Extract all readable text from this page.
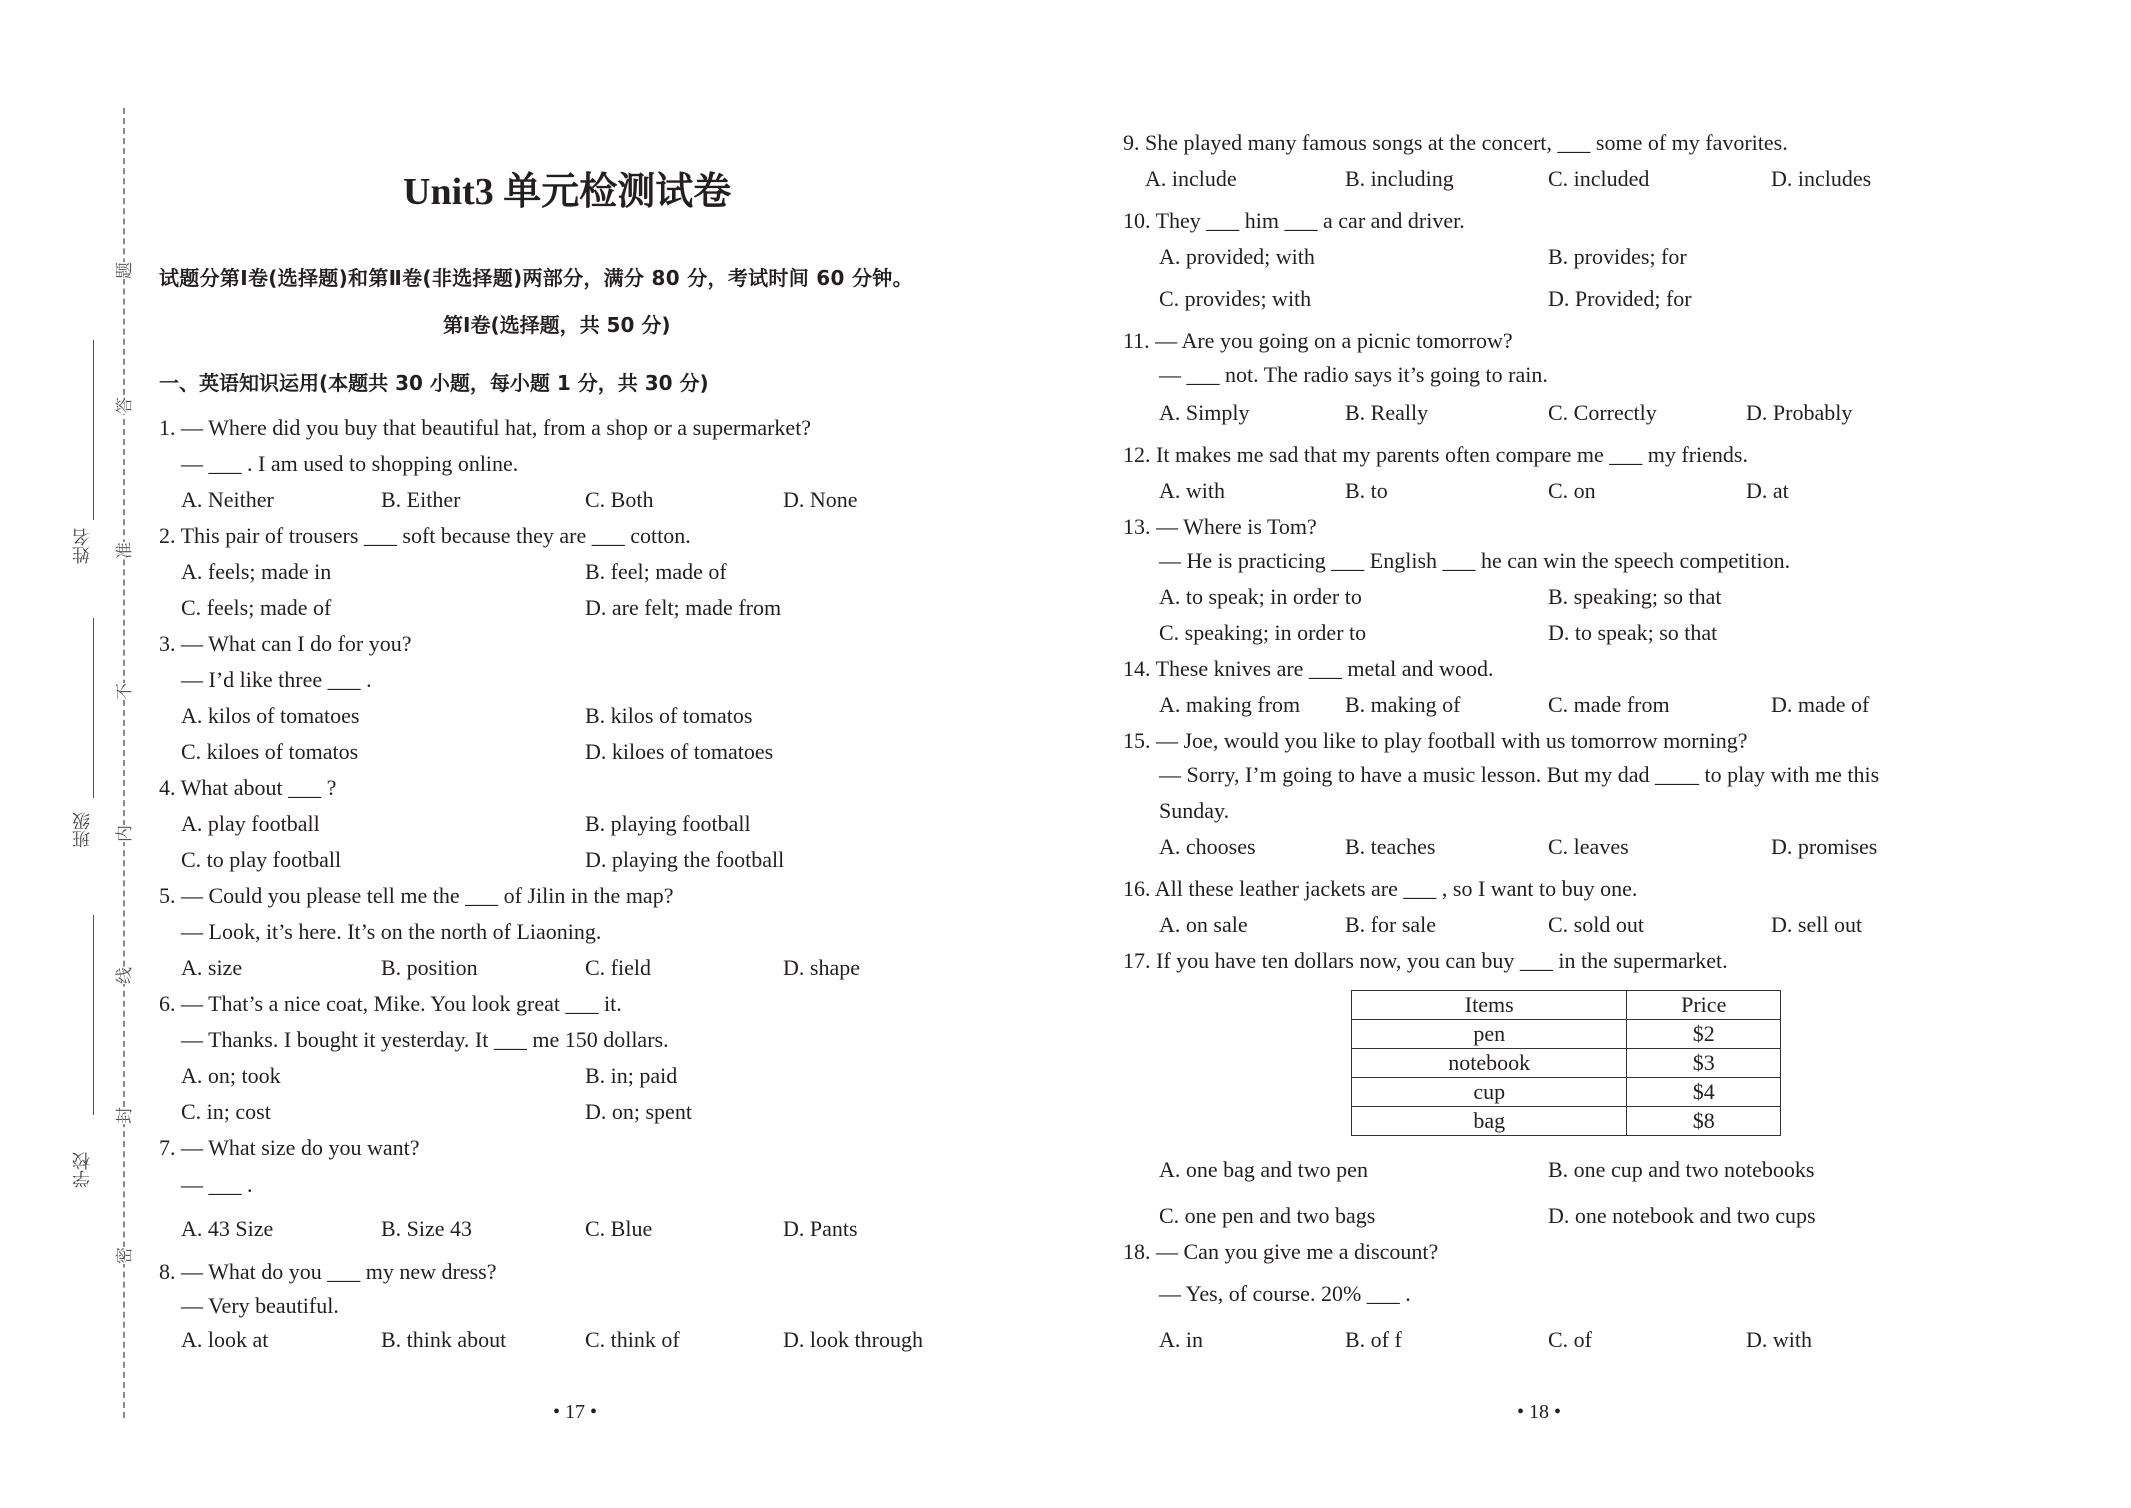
姓名
班级
学校
题
答
准
不
内
线
封
密
Unit3 单元检测试卷
试题分第Ⅰ卷(选择题)和第Ⅱ卷(非选择题)两部分，满分 80 分，考试时间 60 分钟。
第Ⅰ卷(选择题，共 50 分)
一、英语知识运用(本题共 30 小题，每小题 1 分，共 30 分)
1. — Where did you buy that beautiful hat, from a shop or a supermarket?
— ___ . I am used to shopping online.
A. Neither	B. Either	C. Both	D. None
2. This pair of trousers ___ soft because they are ___ cotton.
A. feels; made in	B. feel; made of
C. feels; made of	D. are felt; made from
3. — What can I do for you?
— I’d like three ___ .
A. kilos of tomatoes	B. kilos of tomatos
C. kiloes of tomatos	D. kiloes of tomatoes
4. What about ___ ?
A. play football	B. playing football
C. to play football	D. playing the football
5. — Could you please tell me the ___ of Jilin in the map?
— Look, it’s here. It’s on the north of Liaoning.
A. size	B. position	C. field	D. shape
6. — That’s a nice coat, Mike. You look great ___ it.
— Thanks. I bought it yesterday. It ___ me 150 dollars.
A. on; took	B. in; paid
C. in; cost	D. on; spent
7. — What size do you want?
— ___ .
A. 43 Size	B. Size 43	C. Blue	D. Pants
8. — What do you ___ my new dress?
— Very beautiful.
A. look at	B. think about	C. think of	D. look through
• 17 •
9. She played many famous songs at the concert, ___ some of my favorites.
A. include	B. including	C. included	D. includes
10. They ___ him ___ a car and driver.
A. provided; with	B. provides; for
C. provides; with	D. Provided; for
11. — Are you going on a picnic tomorrow?
— ___ not. The radio says it’s going to rain.
A. Simply	B. Really	C. Correctly	D. Probably
12. It makes me sad that my parents often compare me ___ my friends.
A. with	B. to	C. on	D. at
13. — Where is Tom?
— He is practicing ___ English ___ he can win the speech competition.
A. to speak; in order to	B. speaking; so that
C. speaking; in order to	D. to speak; so that
14. These knives are ___ metal and wood.
A. making from B. making of	C. made from	D. made of
15. — Joe, would you like to play football with us tomorrow morning?
— Sorry, I’m going to have a music lesson. But my dad ____ to play with me this
Sunday.
A. chooses	B. teaches	C. leaves	D. promises
16. All these leather jackets are ___ , so I want to buy one.
A. on sale	B. for sale	C. sold out	D. sell out
17. If you have ten dollars now, you can buy ___ in the supermarket.
Items	Price
pen	$2
notebook	$3
cup	$4
bag	$8
A. one bag and two pen	B. one cup and two notebooks
C. one pen and two bags	D. one notebook and two cups
18. — Can you give me a discount?
— Yes, of course. 20% ___ .
A. in	B. of f	C. of	D. with
• 18 •
